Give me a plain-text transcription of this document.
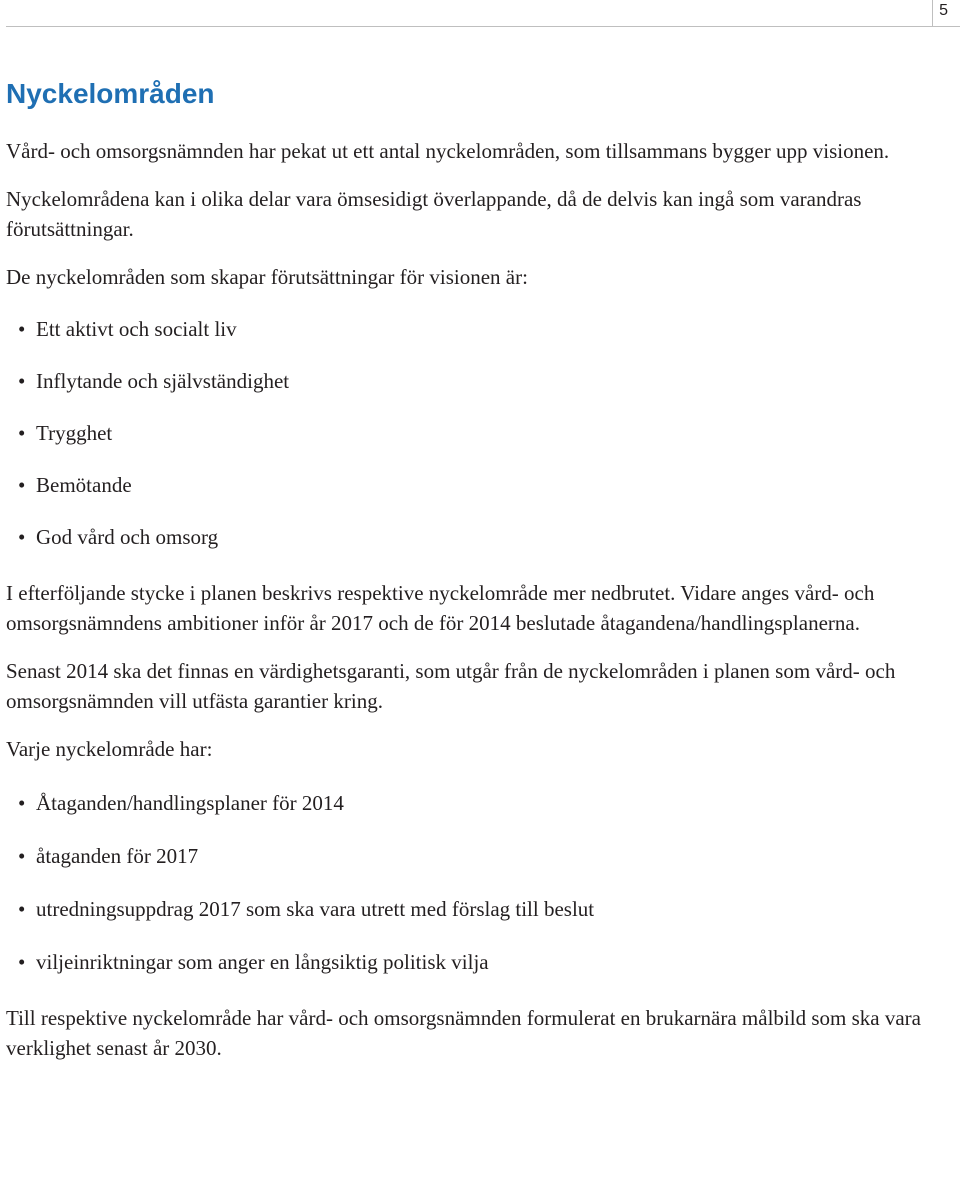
5
Nyckelområden

Vård- och omsorgsnämnden har pekat ut ett antal nyckelområden, som tillsammans bygger upp visionen.

Nyckelområdena kan i olika delar vara ömsesidigt överlappande, då de delvis kan ingå som varandras förutsättningar.

De nyckelområden som skapar förutsättningar för visionen är:

• Ett aktivt och socialt liv
• Inflytande och självständighet
• Trygghet
• Bemötande
• God vård och omsorg

I efterföljande stycke i planen beskrivs respektive nyckelområde mer nedbrutet. Vidare anges vård- och omsorgsnämndens ambitioner inför år 2017 och de för 2014 beslutade åtagandena/handlingsplanerna.

Senast 2014 ska det finnas en värdighetsgaranti, som utgår från de nyckelområden i planen som vård- och omsorgsnämnden vill utfästa garantier kring.

Varje nyckelområde har:

• Åtaganden/handlingsplaner för 2014
• åtaganden för 2017
• utredningsuppdrag 2017 som ska vara utrett med förslag till beslut
• viljeinriktningar som anger en långsiktig politisk vilja

Till respektive nyckelområde har vård- och omsorgsnämnden formulerat en brukarnära målbild som ska vara verklighet senast år 2030.
